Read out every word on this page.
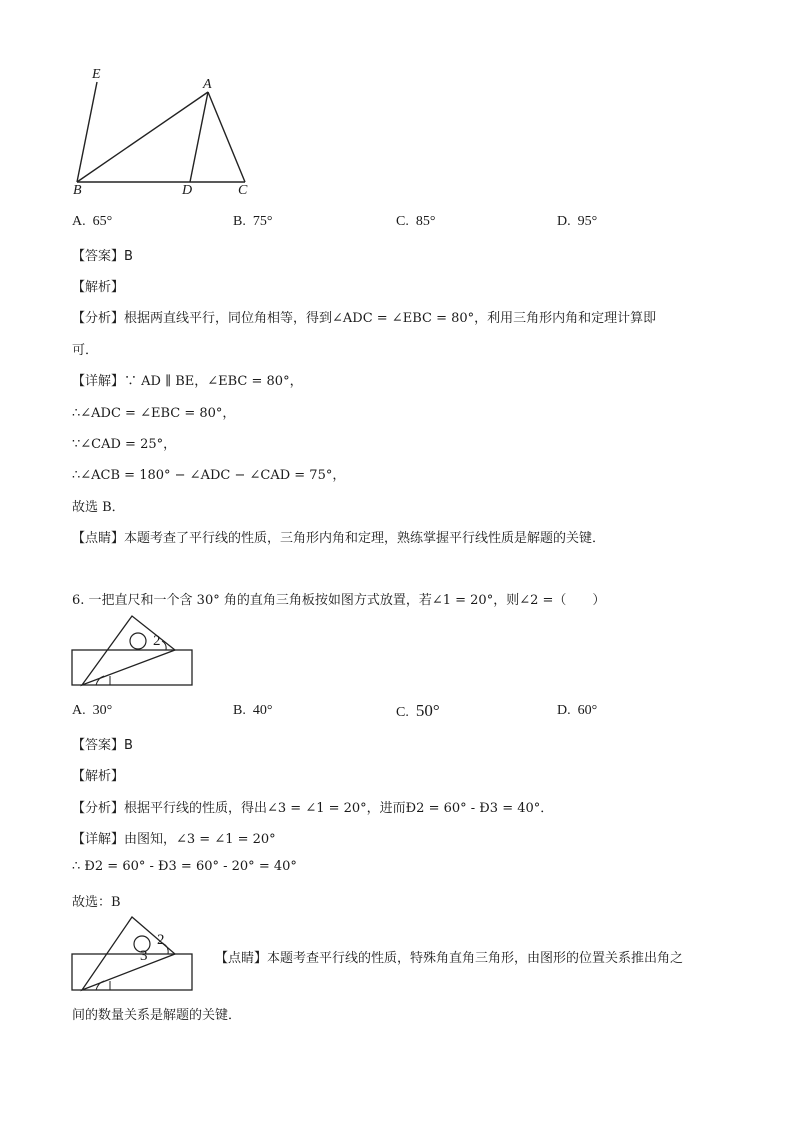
E
A
B	D	C
A. 65°	B. 75°	C. 85°	D. 95°
【答案】B
【解析】
【分析】根据两直线平行，同位角相等，得到∠ADC = ∠EBC = 80°，利用三角形内角和定理计算即
可．
【详解】∵ AD ∥ BE，∠EBC = 80°，
∴∠ADC = ∠EBC = 80°，
∵∠CAD = 25°，
∴∠ACB = 180° − ∠ADC − ∠CAD = 75°，
故选 B．
【点睛】本题考查了平行线的性质，三角形内角和定理，熟练掌握平行线性质是解题的关键．
6. 一把直尺和一个含 30° 角的直角三角板按如图方式放置，若∠1 = 20°，则∠2 =（　　）
2
A. 30°	B. 40°	C. 50°	D. 60°
【答案】B
【解析】
【分析】根据平行线的性质，得出∠3 = ∠1 = 20°，进而Ð2 = 60° - Ð3 = 40°．
【详解】由图知，∠3 = ∠1 = 20°
∴ Ð2 = 60° - Ð3 = 60° - 20° = 40°
故选：B
2
3	【点睛】本题考查平行线的性质，特殊角直角三角形，由图形的位置关系推出角之
间的数量关系是解题的关键．
